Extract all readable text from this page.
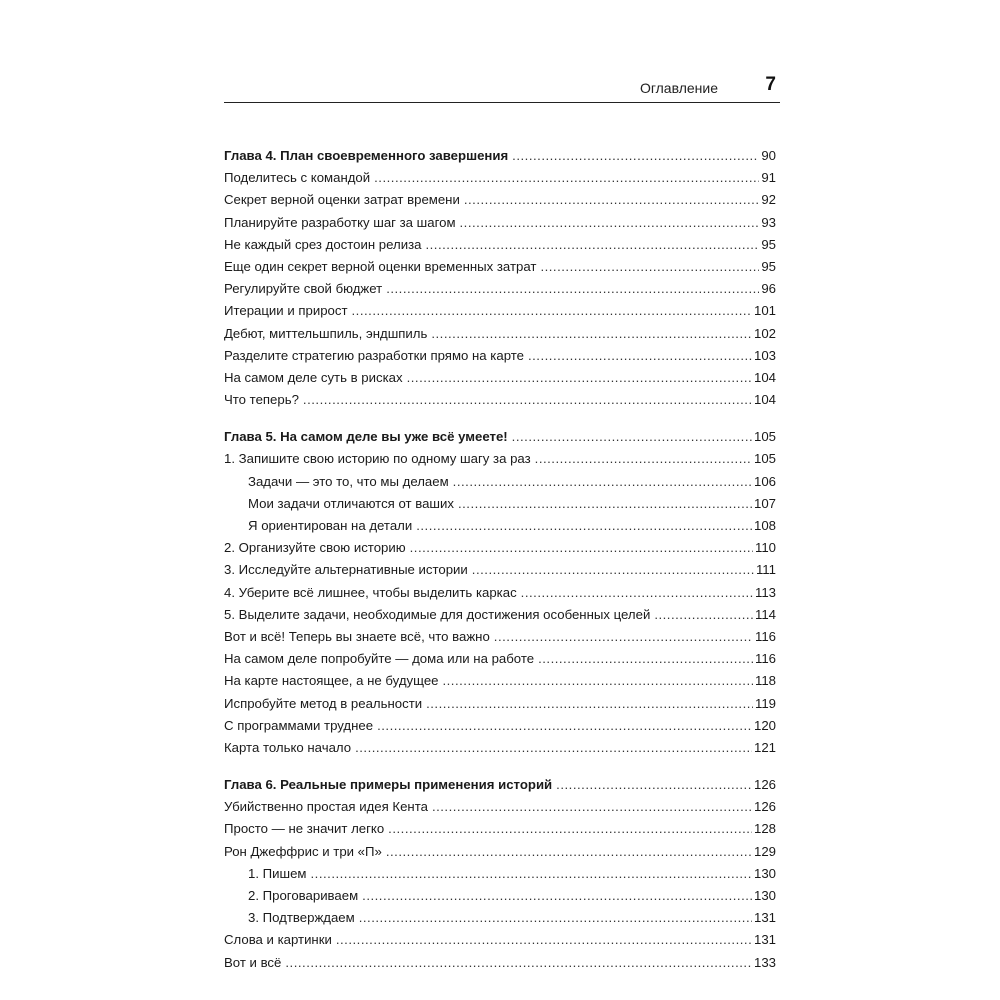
Оглавление 7
Глава 4. План своевременного завершения .....	90
Поделитесь с командой .....	91
Секрет верной оценки затрат времени .....	92
Планируйте разработку шаг за шагом .....	93
Не каждый срез достоин релиза .....	95
Еще один секрет верной оценки временных затрат .....	95
Регулируйте свой бюджет .....	96
Итерации и прирост .....	101
Дебют, миттельшпиль, эндшпиль .....	102
Разделите стратегию разработки прямо на карте .....	103
На самом деле суть в рисках .....	104
Что теперь? .....	104
Глава 5. На самом деле вы уже всё умеете! .....	105
1. Запишите свою историю по одному шагу за раз .....	105
Задачи — это то, что мы делаем .....	106
Мои задачи отличаются от ваших .....	107
Я ориентирован на детали .....	108
2. Организуйте свою историю .....	110
3. Исследуйте альтернативные истории .....	111
4. Уберите всё лишнее, чтобы выделить каркас .....	113
5. Выделите задачи, необходимые для достижения особенных целей .....	114
Вот и всё! Теперь вы знаете всё, что важно .....	116
На самом деле попробуйте — дома или на работе .....	116
На карте настоящее, а не будущее .....	118
Испробуйте метод в реальности .....	119
С программами труднее .....	120
Карта только начало .....	121
Глава 6. Реальные примеры применения историй .....	126
Убийственно простая идея Кента .....	126
Просто — не значит легко .....	128
Рон Джеффрис и три «П» .....	129
1. Пишем .....	130
2. Проговариваем .....	130
3. Подтверждаем .....	131
Слова и картинки .....	131
Вот и всё .....	133
